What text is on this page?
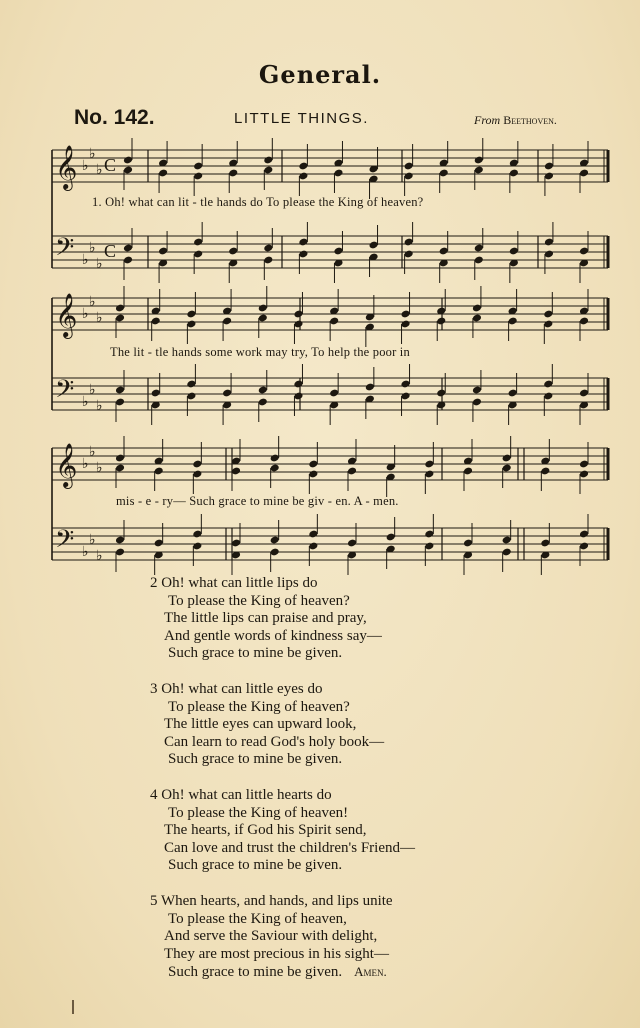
General.
No. 142.	LITTLE THINGS.	From Beethoven.
𝄞
𝄢
♭
♭
♭
♭
♭
♭
C
C
𝄞
𝄢
♭
♭
♭
♭
♭
♭
𝄞
𝄢
♭
♭
♭
♭
♭
♭
1. Oh! what can lit - tle hands do To please the King of heaven?
The lit - tle hands some work may try, To help the poor in
mis - e - ry— Such grace to mine be giv - en. A - men.
2 Oh! what can little lips do
To please the King of heaven?
The little lips can praise and pray,
And gentle words of kindness say—
Such grace to mine be given.
3 Oh! what can little eyes do
To please the King of heaven?
The little eyes can upward look,
Can learn to read God's holy book—
Such grace to mine be given.
4 Oh! what can little hearts do
To please the King of heaven!
The hearts, if God his Spirit send,
Can love and trust the children's Friend—
Such grace to mine be given.
5 When hearts, and hands, and lips unite
To please the King of heaven,
And serve the Saviour with delight,
They are most precious in his sight—
Such grace to mine be given. Amen.
